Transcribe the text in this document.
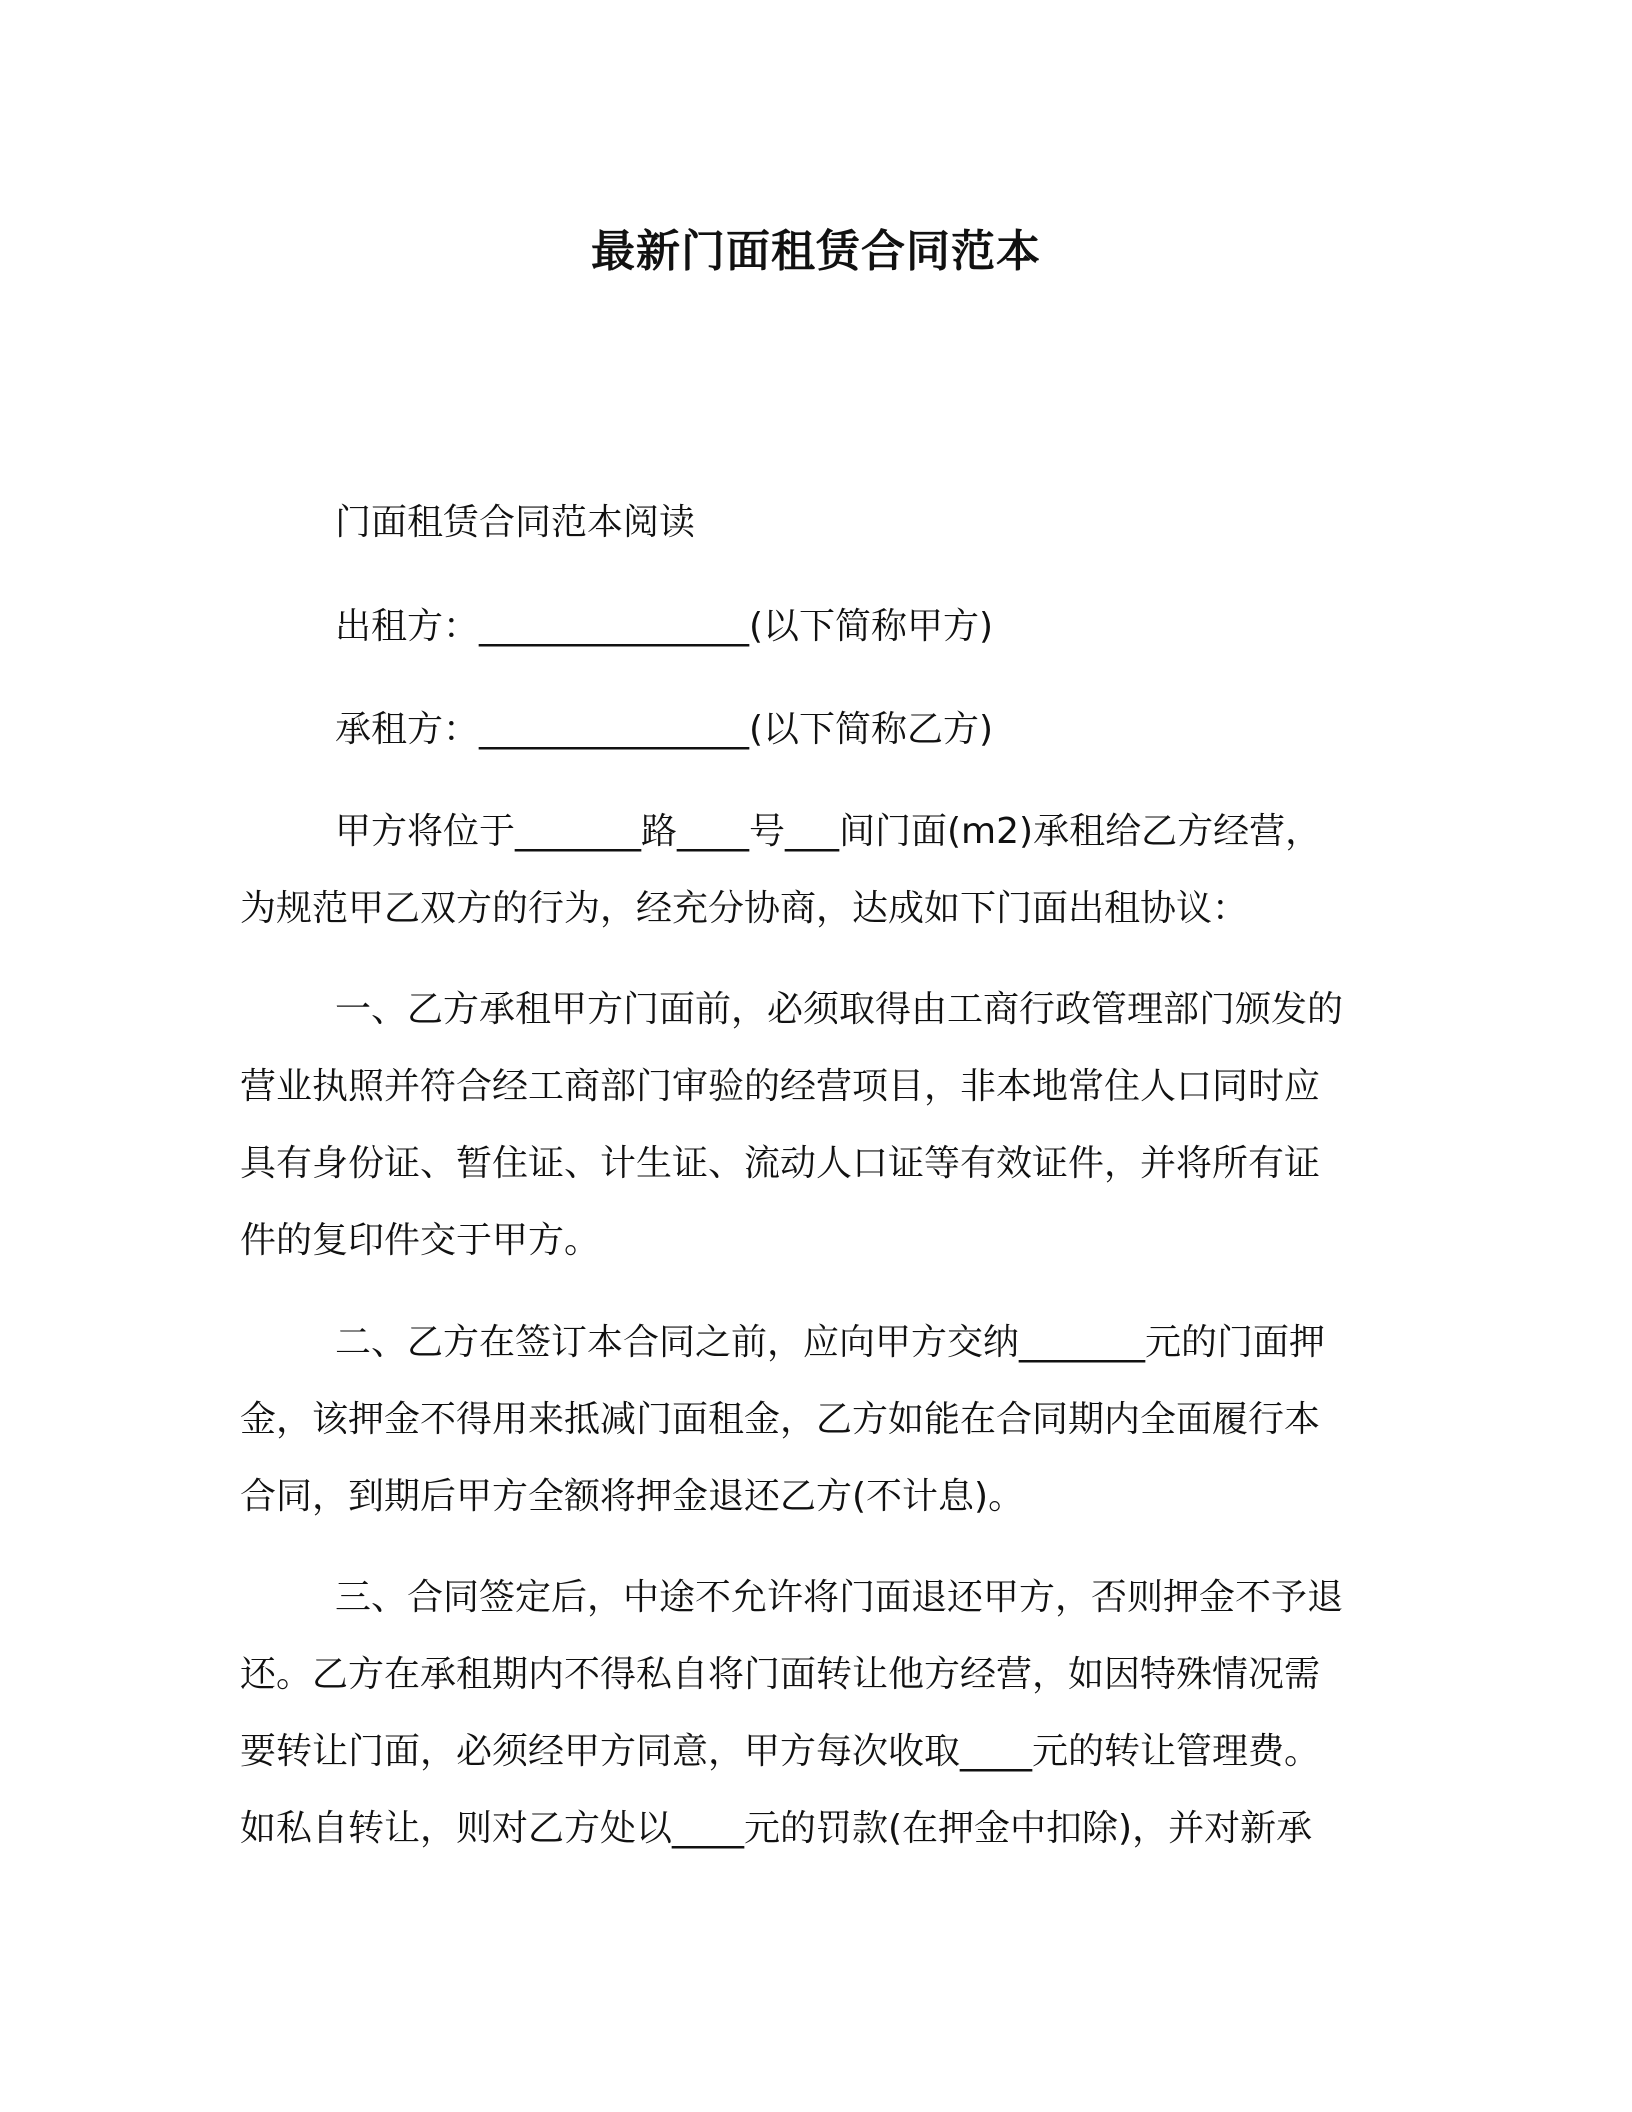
最新门面租赁合同范本
门面租赁合同范本阅读
出租方：_______________(以下简称甲方)
承租方：_______________(以下简称乙方)
甲方将位于_______路____号___间门面(m2)承租给乙方经营，
为规范甲乙双方的行为，经充分协商，达成如下门面出租协议：
一、乙方承租甲方门面前，必须取得由工商行政管理部门颁发的
营业执照并符合经工商部门审验的经营项目，非本地常住人口同时应
具有身份证、暂住证、计生证、流动人口证等有效证件，并将所有证
件的复印件交于甲方。
二、乙方在签订本合同之前，应向甲方交纳_______元的门面押
金，该押金不得用来抵减门面租金，乙方如能在合同期内全面履行本
合同，到期后甲方全额将押金退还乙方(不计息)。
三、合同签定后，中途不允许将门面退还甲方，否则押金不予退
还。乙方在承租期内不得私自将门面转让他方经营，如因特殊情况需
要转让门面，必须经甲方同意，甲方每次收取____元的转让管理费。
如私自转让，则对乙方处以____元的罚款(在押金中扣除)，并对新承
